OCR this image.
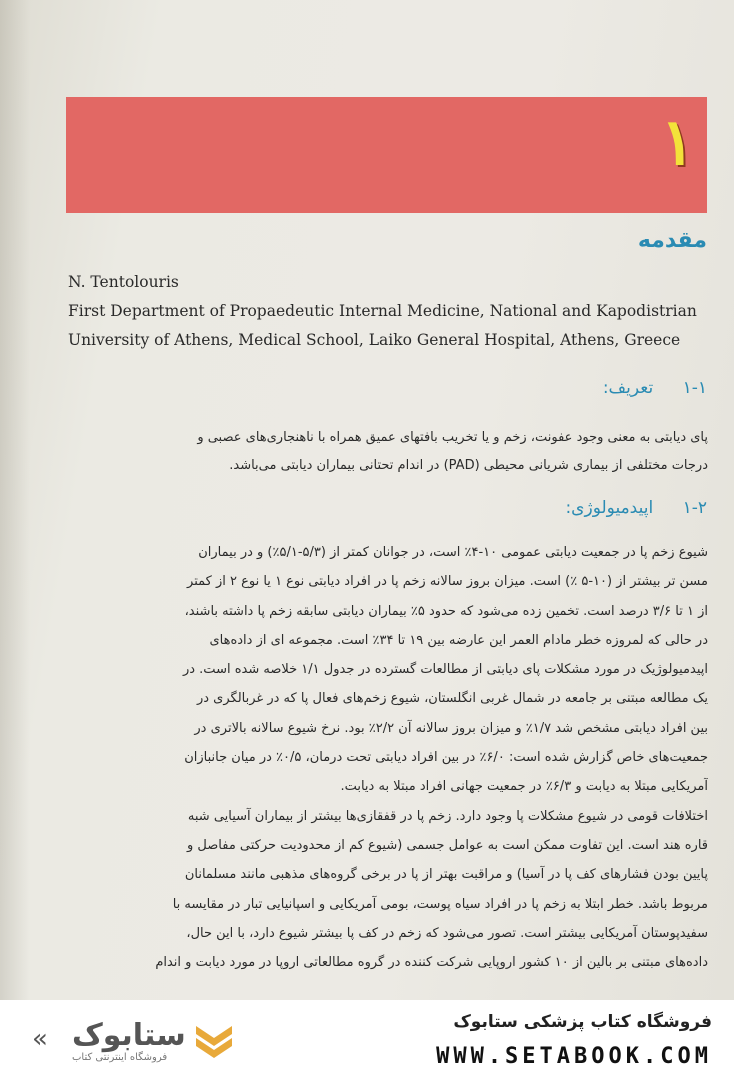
۱
مقدمه
N. Tentolouris
First Department of Propaedeutic Internal Medicine, National and Kapodistrian
University of Athens, Medical School, Laiko General Hospital, Athens, Greece
۱-۱ تعریف:
پای دیابتی به معنی وجود عفونت، زخم و یا تخریب بافتهای عمیق همراه با ناهنجاری‌های عصبی و
درجات مختلفی از بیماری شریانی محیطی (PAD) در اندام تحتانی بیماران دیابتی می‌باشد.
۱-۲ اپیدمیولوژی:
شیوع زخم پا در جمعیت دیابتی عمومی ۱۰-۴٪ است، در جوانان کمتر از (۵/۳-۵/۱٪) و در بیماران
مسن تر بیشتر از (۱۰-۵ ٪) است. میزان بروز سالانه زخم پا در افراد دیابتی نوع ۱ یا نوع ۲ از کمتر
از ۱ تا ۳/۶ درصد است. تخمین زده می‌شود که حدود ۵٪ بیماران دیابتی سابقه زخم پا داشته باشند،
در حالی که لمروزه خطر مادام العمر این عارضه بین ۱۹ تا ۳۴٪ است. مجموعه ای از داده‌های
اپیدمیولوژیک در مورد مشکلات پای دیابتی از مطالعات گسترده در جدول ۱/۱ خلاصه شده است. در
یک مطالعه مبتنی بر جامعه در شمال غربی انگلستان، شیوع زخم‌های فعال پا که در غربالگری در
بین افراد دیابتی مشخص شد ۱/۷٪ و میزان بروز سالانه آن ۲/۲٪ بود. نرخ شیوع سالانه بالاتری در
جمعیت‌های خاص گزارش شده است: ۶/۰٪ در بین افراد دیابتی تحت درمان، ۰/۵٪ در میان جانبازان
آمریکایی مبتلا به دیابت و ۶/۳٪ در جمعیت جهانی افراد مبتلا به دیابت.
اختلافات قومی در شیوع مشکلات پا وجود دارد. زخم پا در قفقازی‌ها بیشتر از بیماران آسیایی شبه
قاره هند است. این تفاوت ممکن است به عوامل جسمی (شیوع کم از محدودیت حرکتی مفاصل و
پایین بودن فشارهای کف پا در آسیا) و مراقبت بهتر از پا در برخی گروه‌های مذهبی مانند مسلمانان
مربوط باشد. خطر ابتلا به زخم پا در افراد سیاه پوست، بومی آمریکایی و اسپانیایی تبار در مقایسه با
سفیدپوستان آمریکایی بیشتر است. تصور می‌شود که زخم در کف پا بیشتر شیوع دارد، با این حال،
داده‌های مبتنی بر بالین از ۱۰ کشور اروپایی شرکت کننده در گروه مطالعاتی اروپا در مورد دیابت و اندام
ستابوک
فروشگاه اینترنتی کتاب
«
فروشگاه کتاب پزشکی ستابوک
WWW.SETABOOK.COM
